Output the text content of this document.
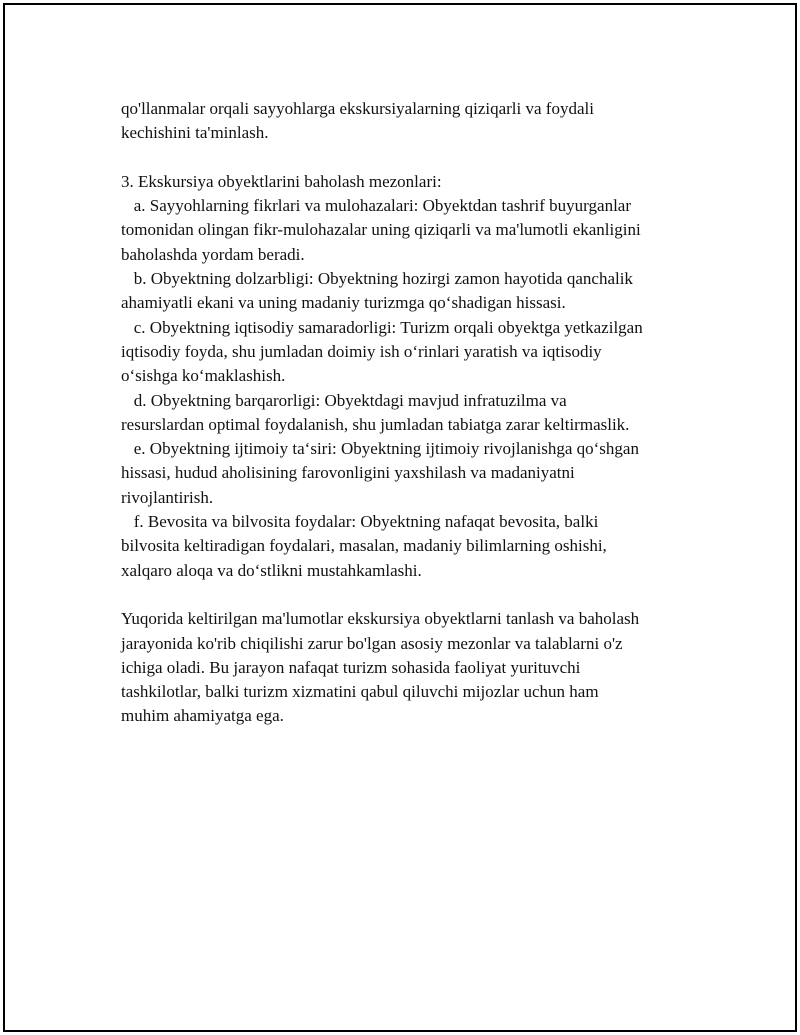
qo'llanmalar orqali sayyohlarga ekskursiyalarning qiziqarli va foydali
kechishini ta'minlash.
3. Ekskursiya obyektlarini baholash mezonlari:
a. Sayyohlarning fikrlari va mulohazalari: Obyektdan tashrif buyurganlar
tomonidan olingan fikr-mulohazalar uning qiziqarli va ma'lumotli ekanligini
baholashda yordam beradi.
b. Obyektning dolzarbligi: Obyektning hozirgi zamon hayotida qanchalik
ahamiyatli ekani va uning madaniy turizmga qo‘shadigan hissasi.
c. Obyektning iqtisodiy samaradorligi: Turizm orqali obyektga yetkazilgan
iqtisodiy foyda, shu jumladan doimiy ish o‘rinlari yaratish va iqtisodiy
o‘sishga ko‘maklashish.
d. Obyektning barqarorligi: Obyektdagi mavjud infratuzilma va
resurslardan optimal foydalanish, shu jumladan tabiatga zarar keltirmaslik.
e. Obyektning ijtimoiy ta‘siri: Obyektning ijtimoiy rivojlanishga qo‘shgan
hissasi, hudud aholisining farovonligini yaxshilash va madaniyatni
rivojlantirish.
f. Bevosita va bilvosita foydalar: Obyektning nafaqat bevosita, balki
bilvosita keltiradigan foydalari, masalan, madaniy bilimlarning oshishi,
xalqaro aloqa va do‘stlikni mustahkamlashi.
Yuqorida keltirilgan ma'lumotlar ekskursiya obyektlarni tanlash va baholash
jarayonida ko'rib chiqilishi zarur bo'lgan asosiy mezonlar va talablarni o'z
ichiga oladi. Bu jarayon nafaqat turizm sohasida faoliyat yurituvchi
tashkilotlar, balki turizm xizmatini qabul qiluvchi mijozlar uchun ham
muhim ahamiyatga ega.
